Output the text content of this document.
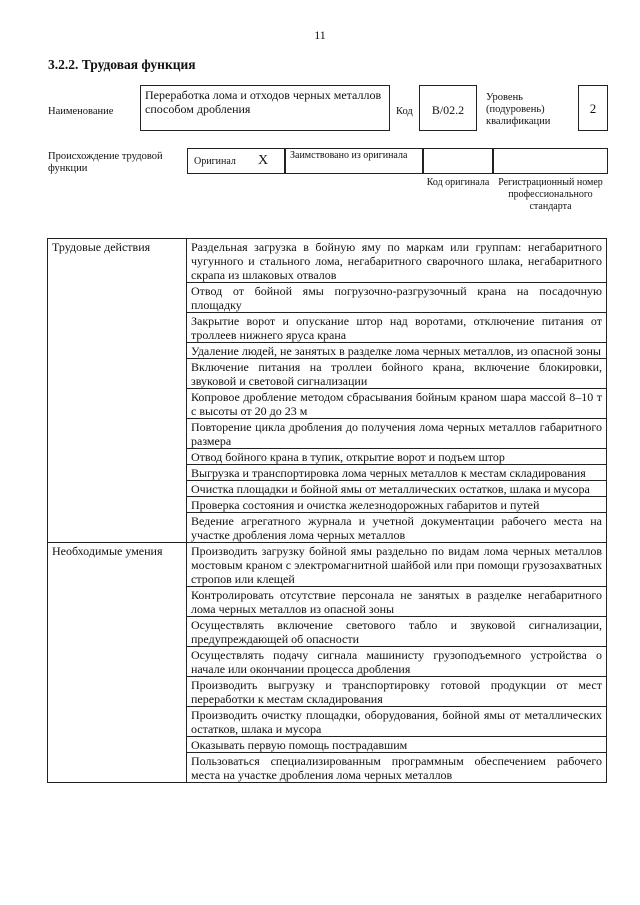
11
3.2.2. Трудовая функция
Наименование
Переработка лома и отходов черных металлов способом дробления	Код	B/02.2
Уровень (подуровень) квалификации
2
Происхождение трудовой функции
Оригинал X	Заимствовано из оригинала
Код оригинала Регистрационный номер профессионального стандарта
Трудовые действия	Раздельная загрузка в бойную яму по маркам или группам: негабаритного чугунного и стального лома, негабаритного сварочного шлака, негабаритного скрапа из шлаковых отвалов
	Отвод от бойной ямы погрузочно-разгрузочный крана на посадочную площадку
	Закрытие ворот и опускание штор над воротами, отключение питания от троллеев нижнего яруса крана
	Удаление людей, не занятых в разделке лома черных металлов, из опасной зоны
	Включение питания на троллеи бойного крана, включение блокировки, звуковой и световой сигнализации
	Копровое дробление методом сбрасывания бойным краном шара массой 8–10 т с высоты от 20 до 23 м
	Повторение цикла дробления до получения лома черных металлов габаритного размера
	Отвод бойного крана в тупик, открытие ворот и подъем штор
	Выгрузка и транспортировка лома черных металлов к местам складирования
	Очистка площадки и бойной ямы от металлических остатков, шлака и мусора
	Проверка состояния и очистка железнодорожных габаритов и путей
	Ведение агрегатного журнала и учетной документации рабочего места на участке дробления лома черных металлов
Необходимые умения	Производить загрузку бойной ямы раздельно по видам лома черных металлов мостовым краном с электромагнитной шайбой или при помощи грузозахватных стропов или клещей
	Контролировать отсутствие персонала не занятых в разделке негабаритного лома черных металлов из опасной зоны
	Осуществлять включение светового табло и звуковой сигнализации, предупреждающей об опасности
	Осуществлять подачу сигнала машинисту грузоподъемного устройства о начале или окончании процесса дробления
	Производить выгрузку и транспортировку готовой продукции от мест переработки к местам складирования
	Производить очистку площадки, оборудования, бойной ямы от металлических остатков, шлака и мусора
	Оказывать первую помощь пострадавшим
	Пользоваться специализированным программным обеспечением рабочего места на участке дробления лома черных металлов
